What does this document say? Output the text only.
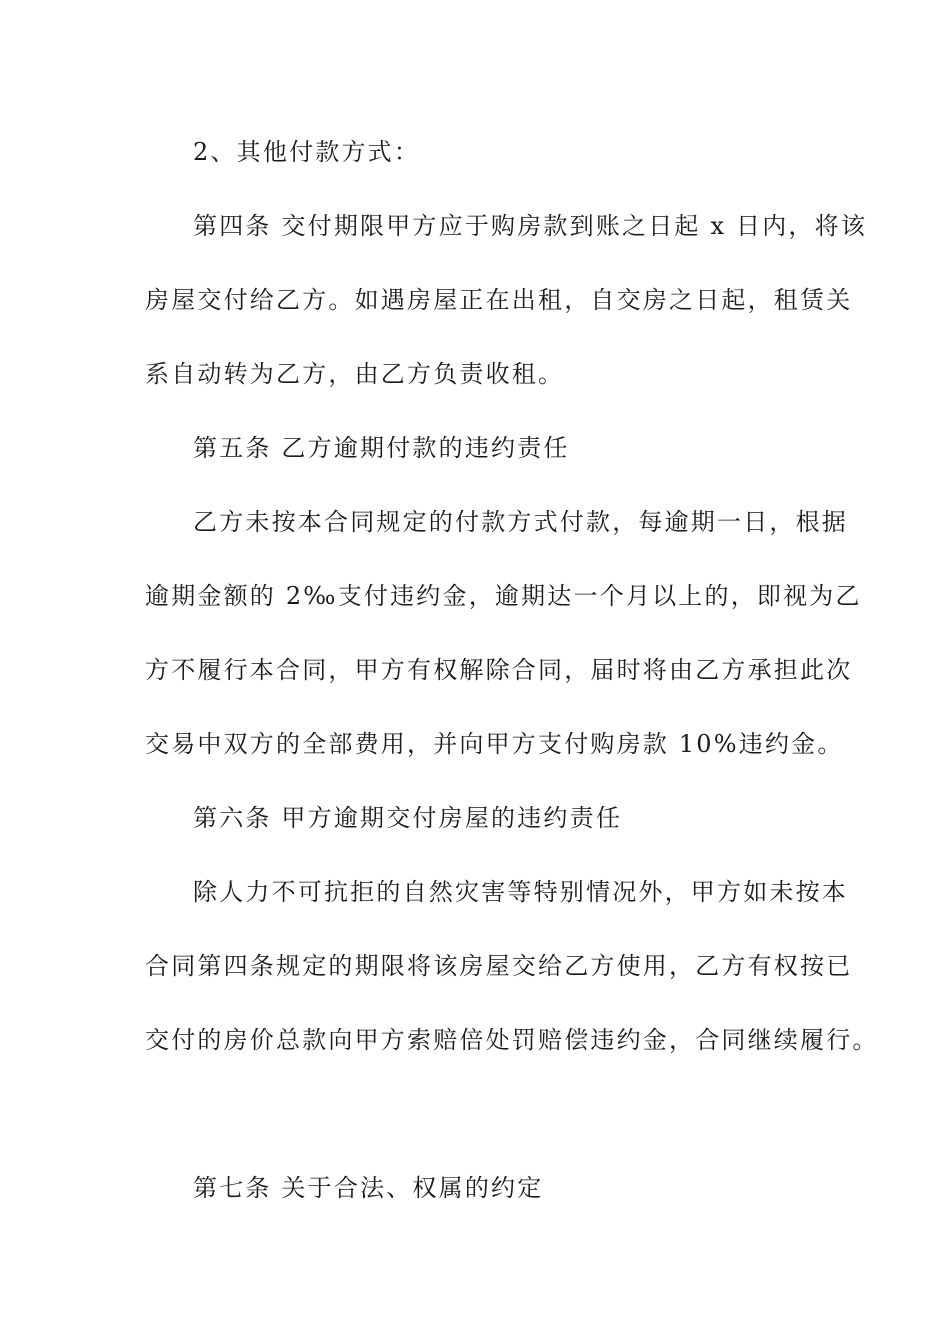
2、其他付款方式：
第四条 交付期限甲方应于购房款到账之日起 x 日内，将该
房屋交付给乙方。如遇房屋正在出租，自交房之日起，租赁关
系自动转为乙方，由乙方负责收租。
第五条 乙方逾期付款的违约责任
乙方未按本合同规定的付款方式付款，每逾期一日，根据
逾期金额的 2‰支付违约金，逾期达一个月以上的，即视为乙
方不履行本合同，甲方有权解除合同，届时将由乙方承担此次
交易中双方的全部费用，并向甲方支付购房款 10%违约金。
第六条 甲方逾期交付房屋的违约责任
除人力不可抗拒的自然灾害等特别情况外，甲方如未按本
合同第四条规定的期限将该房屋交给乙方使用，乙方有权按已
交付的房价总款向甲方索赔倍处罚赔偿违约金，合同继续履行。
第七条 关于合法、权属的约定
